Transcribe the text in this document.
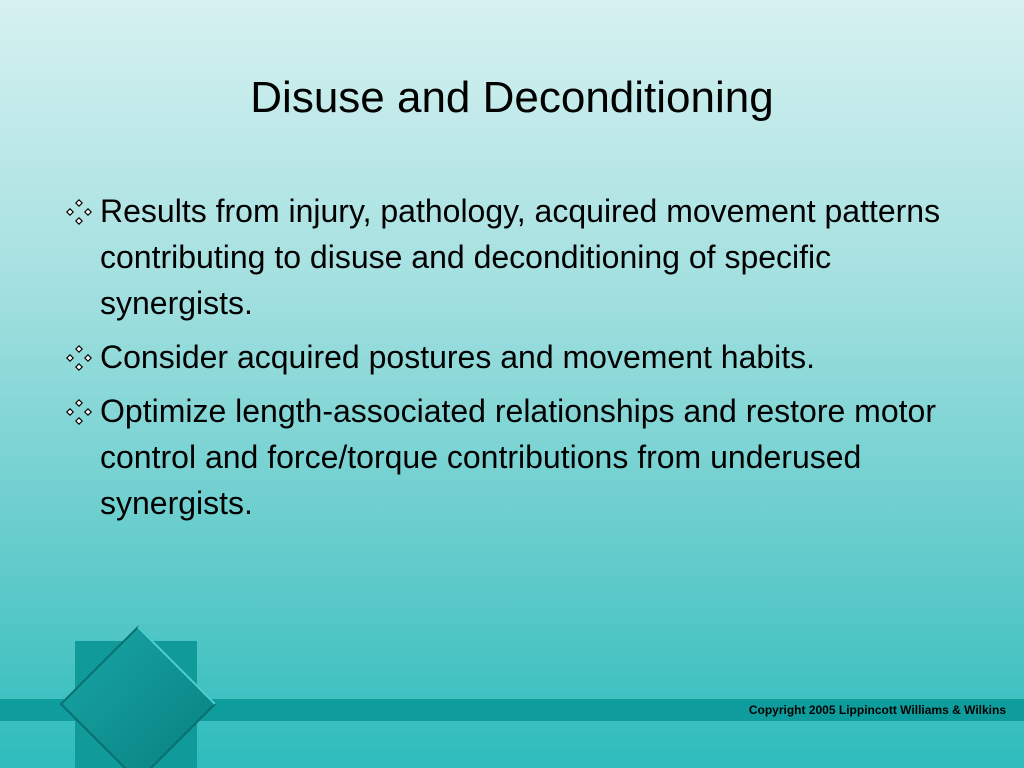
Disuse and Deconditioning
Results from injury, pathology, acquired movement patterns contributing to disuse and deconditioning of specific synergists.
Consider acquired postures and movement habits.
Optimize length-associated relationships and restore motor control and force/torque contributions from underused synergists.
Copyright 2005 Lippincott Williams & Wilkins
